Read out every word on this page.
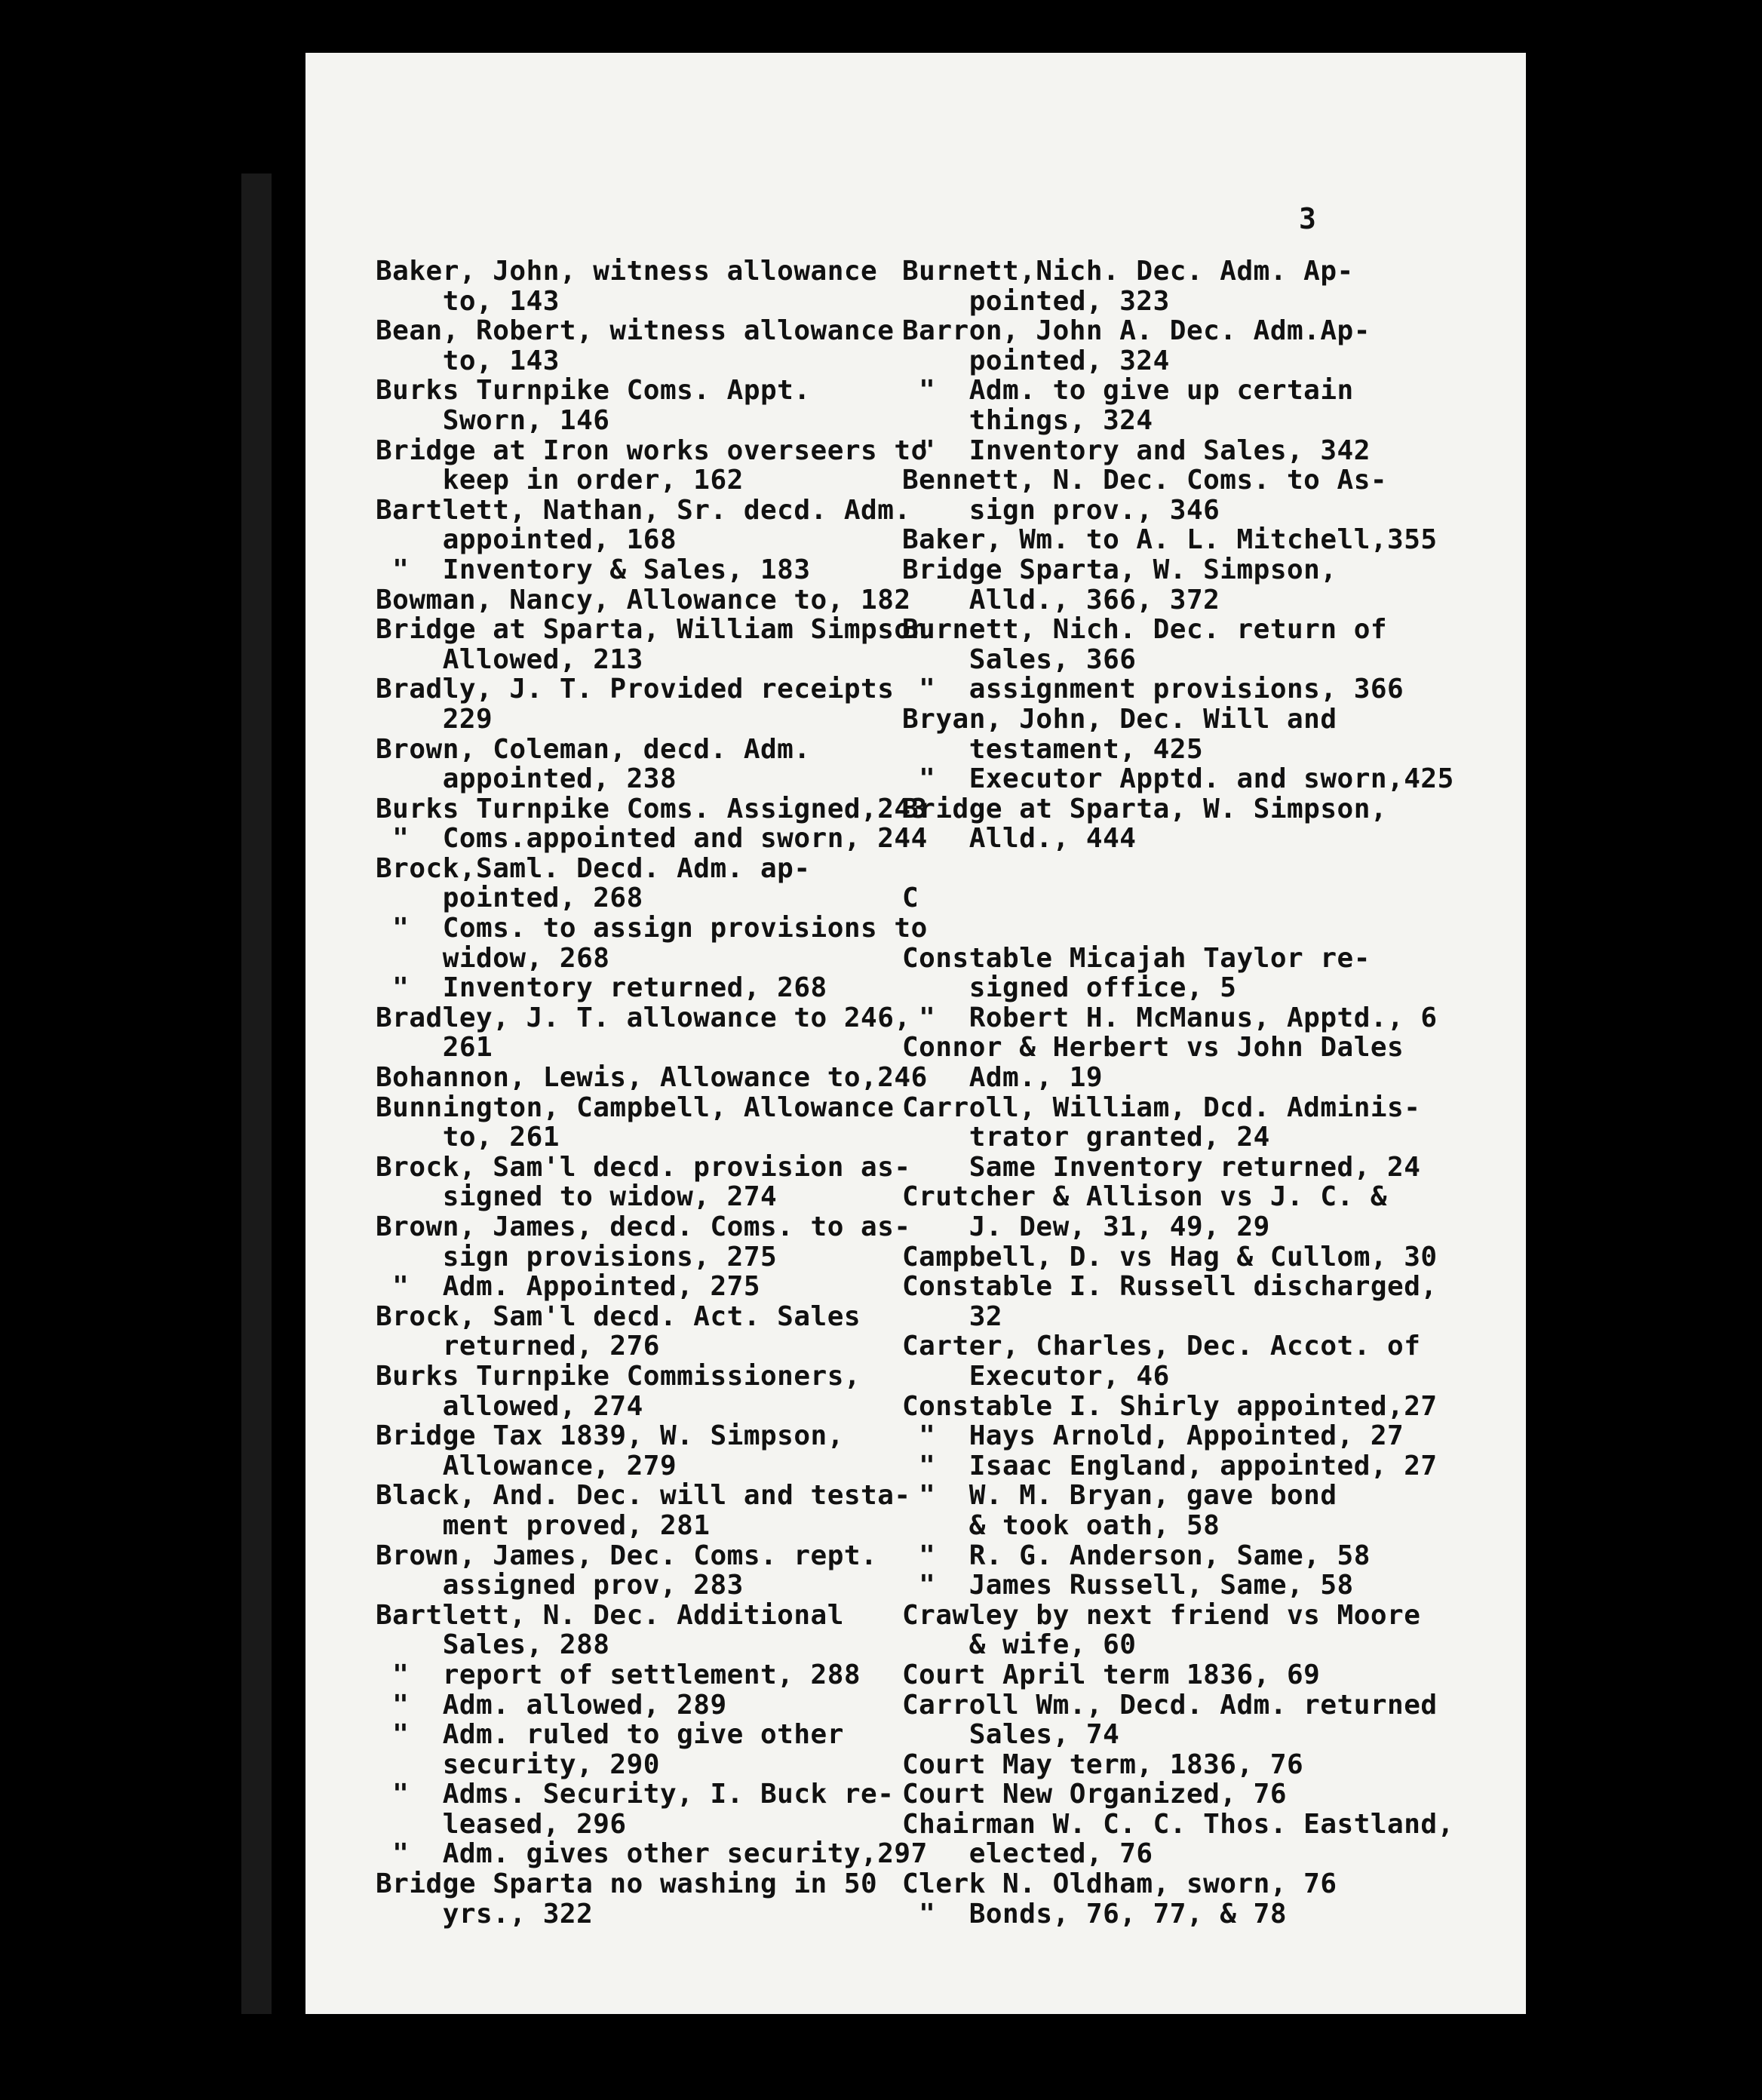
3
Baker, John, witness allowance
to, 143
Bean, Robert, witness allowance
to, 143
Burks Turnpike Coms. Appt.
Sworn, 146
Bridge at Iron works overseers to
keep in order, 162
Bartlett, Nathan, Sr. decd. Adm.
appointed, 168
"  Inventory & Sales, 183
Bowman, Nancy, Allowance to, 182
Bridge at Sparta, William Simpson
Allowed, 213
Bradly, J. T. Provided receipts
229
Brown, Coleman, decd. Adm.
appointed, 238
Burks Turnpike Coms. Assigned,243
"  Coms.appointed and sworn, 244
Brock,Saml. Decd. Adm. ap-
pointed, 268
"  Coms. to assign provisions to
widow, 268
"  Inventory returned, 268
Bradley, J. T. allowance to 246,
261
Bohannon, Lewis, Allowance to,246
Bunnington, Campbell, Allowance
to, 261
Brock, Sam'l decd. provision as-
signed to widow, 274
Brown, James, decd. Coms. to as-
sign provisions, 275
"  Adm. Appointed, 275
Brock, Sam'l decd. Act. Sales
returned, 276
Burks Turnpike Commissioners,
allowed, 274
Bridge Tax 1839, W. Simpson,
Allowance, 279
Black, And. Dec. will and testa-
ment proved, 281
Brown, James, Dec. Coms. rept.
assigned prov, 283
Bartlett, N. Dec. Additional
Sales, 288
"  report of settlement, 288
"  Adm. allowed, 289
"  Adm. ruled to give other
security, 290
"  Adms. Security, I. Buck re-
leased, 296
"  Adm. gives other security,297
Bridge Sparta no washing in 50
yrs., 322
Burnett,Nich. Dec. Adm. Ap-
pointed, 323
Barron, John A. Dec. Adm.Ap-
pointed, 324
"  Adm. to give up certain
things, 324
"  Inventory and Sales, 342
Bennett, N. Dec. Coms. to As-
sign prov., 346
Baker, Wm. to A. L. Mitchell,355
Bridge Sparta, W. Simpson,
Alld., 366, 372
Burnett, Nich. Dec. return of
Sales, 366
"  assignment provisions, 366
Bryan, John, Dec. Will and
testament, 425
"  Executor Apptd. and sworn,425
Bridge at Sparta, W. Simpson,
Alld., 444
C
Constable Micajah Taylor re-
signed office, 5
"  Robert H. McManus, Apptd., 6
Connor & Herbert vs John Dales
Adm., 19
Carroll, William, Dcd. Adminis-
trator granted, 24
Same Inventory returned, 24
Crutcher & Allison vs J. C. &
J. Dew, 31, 49, 29
Campbell, D. vs Hag & Cullom, 30
Constable I. Russell discharged,
32
Carter, Charles, Dec. Accot. of
Executor, 46
Constable I. Shirly appointed,27
"  Hays Arnold, Appointed, 27
"  Isaac England, appointed, 27
"  W. M. Bryan, gave bond
& took oath, 58
"  R. G. Anderson, Same, 58
"  James Russell, Same, 58
Crawley by next friend vs Moore
& wife, 60
Court April term 1836, 69
Carroll Wm., Decd. Adm. returned
Sales, 74
Court May term, 1836, 76
Court New Organized, 76
Chairman W. C. C. Thos. Eastland,
elected, 76
Clerk N. Oldham, sworn, 76
"  Bonds, 76, 77, & 78
